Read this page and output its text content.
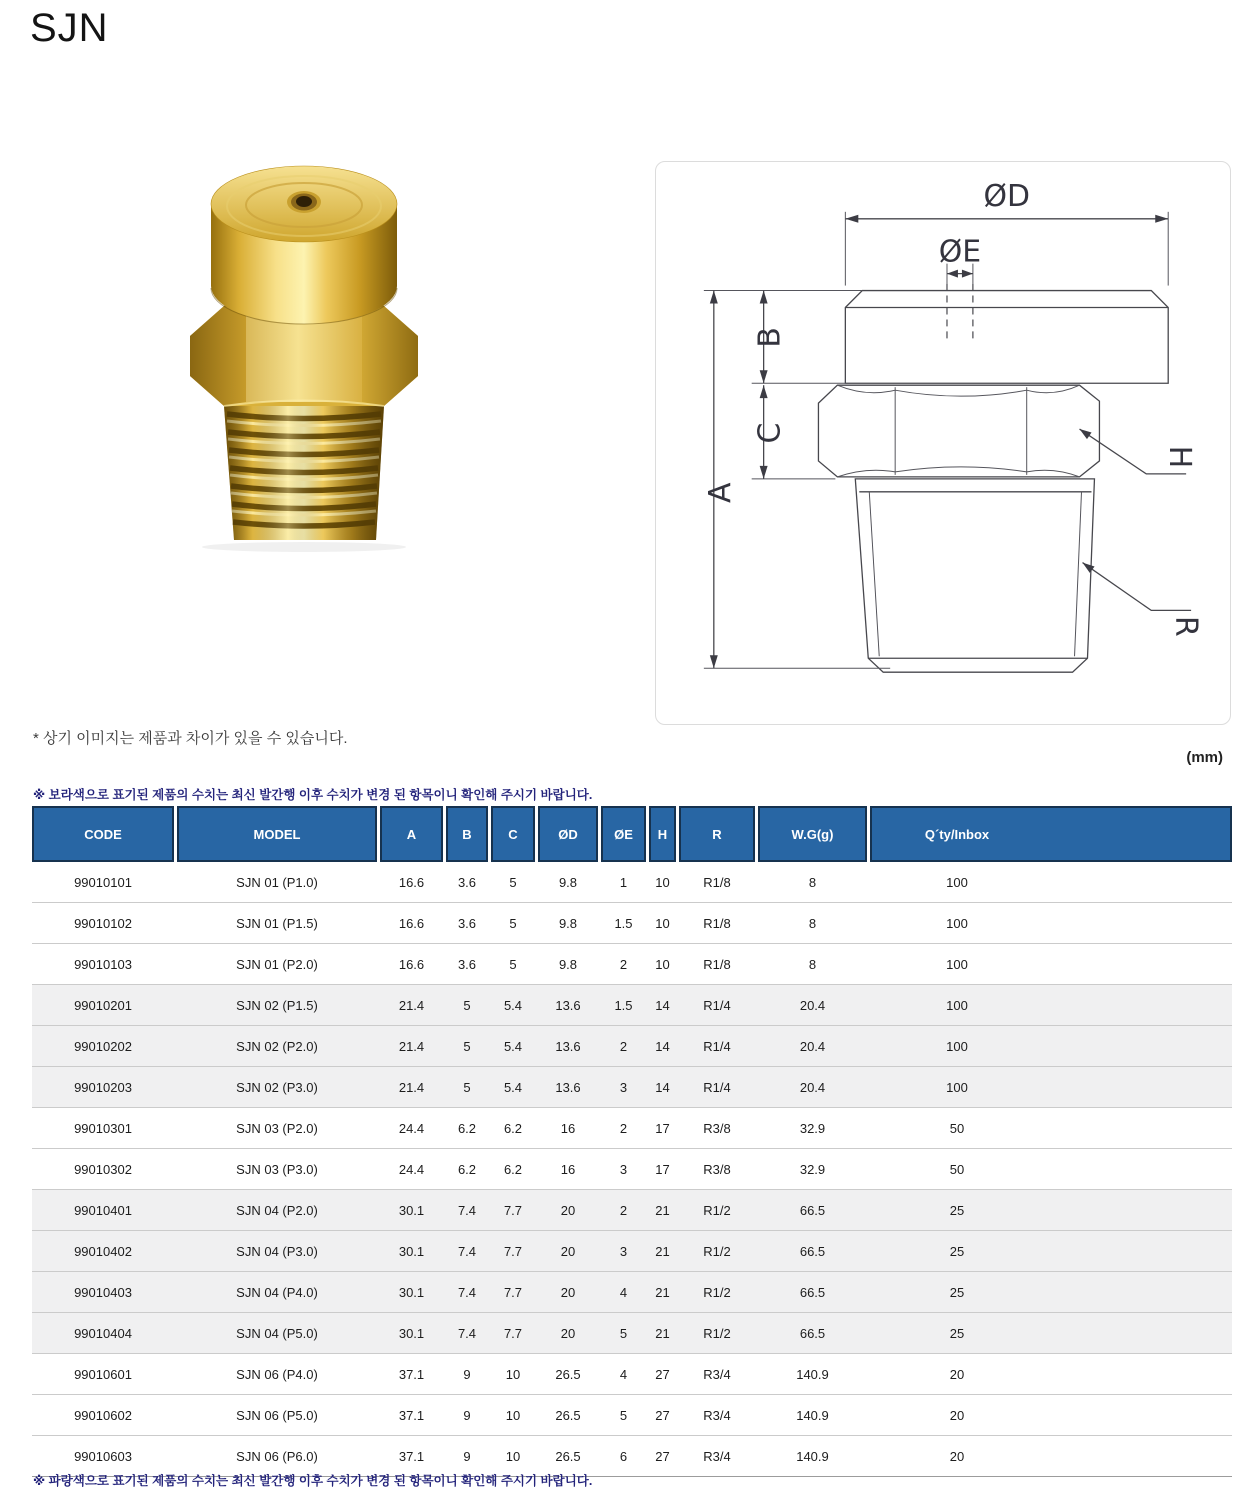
SJN
ØD
ØE
B
C
A
H
R
* 상기 이미지는 제품과 차이가 있을 수 있습니다.
(mm)
※ 보라색으로 표기된 제품의 수치는 최신 발간행 이후 수치가 변경 된 항목이니 확인해 주시기 바랍니다.
CODE	MODEL	A	B	C	ØD	ØE	H	R	W.G(g)	Q´ty/Inbox
99010101	SJN 01 (P1.0)	16.6	3.6	5	9.8	1	10	R1/8	8	100
99010102	SJN 01 (P1.5)	16.6	3.6	5	9.8	1.5	10	R1/8	8	100
99010103	SJN 01 (P2.0)	16.6	3.6	5	9.8	2	10	R1/8	8	100
99010201	SJN 02 (P1.5)	21.4	5	5.4	13.6	1.5	14	R1/4	20.4	100
99010202	SJN 02 (P2.0)	21.4	5	5.4	13.6	2	14	R1/4	20.4	100
99010203	SJN 02 (P3.0)	21.4	5	5.4	13.6	3	14	R1/4	20.4	100
99010301	SJN 03 (P2.0)	24.4	6.2	6.2	16	2	17	R3/8	32.9	50
99010302	SJN 03 (P3.0)	24.4	6.2	6.2	16	3	17	R3/8	32.9	50
99010401	SJN 04 (P2.0)	30.1	7.4	7.7	20	2	21	R1/2	66.5	25
99010402	SJN 04 (P3.0)	30.1	7.4	7.7	20	3	21	R1/2	66.5	25
99010403	SJN 04 (P4.0)	30.1	7.4	7.7	20	4	21	R1/2	66.5	25
99010404	SJN 04 (P5.0)	30.1	7.4	7.7	20	5	21	R1/2	66.5	25
99010601	SJN 06 (P4.0)	37.1	9	10	26.5	4	27	R3/4	140.9	20
99010602	SJN 06 (P5.0)	37.1	9	10	26.5	5	27	R3/4	140.9	20
99010603	SJN 06 (P6.0)	37.1	9	10	26.5	6	27	R3/4	140.9	20
※ 파랑색으로 표기된 제품의 수치는 최신 발간행 이후 수치가 변경 된 항목이니 확인해 주시기 바랍니다.
